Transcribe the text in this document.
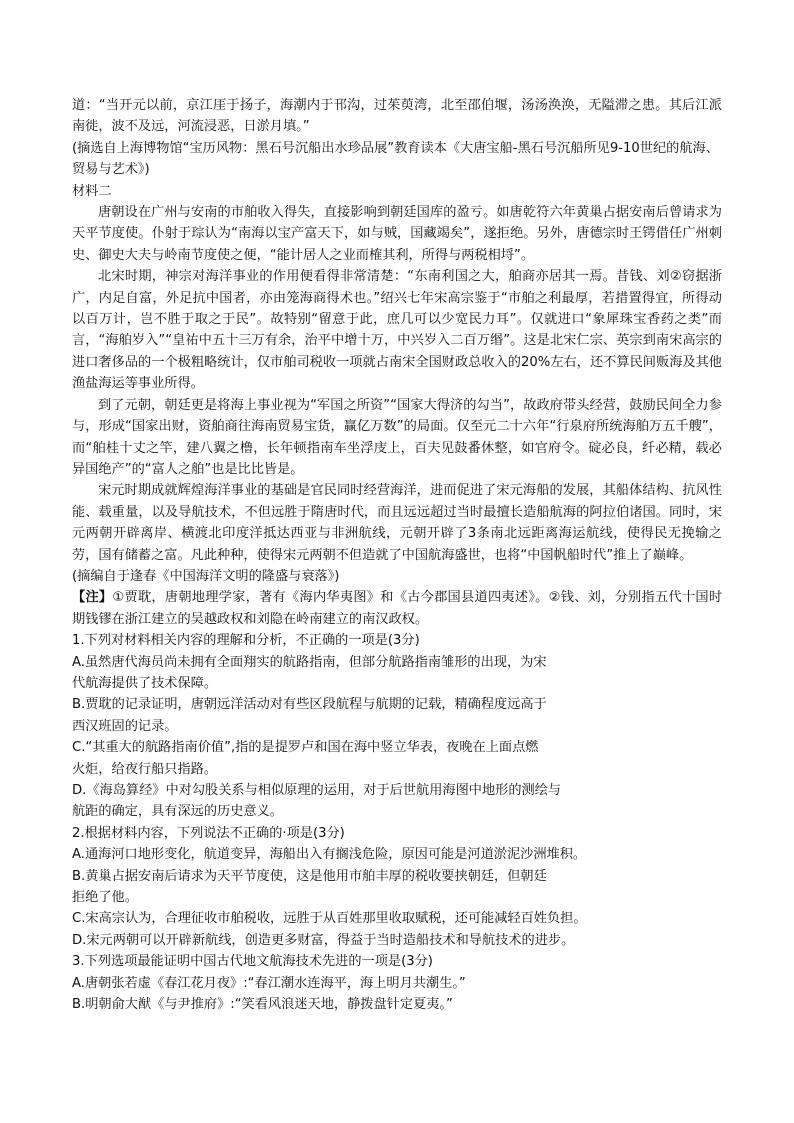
道：“当开元以前，京江厓于扬子，海潮内于邗沟，过茱萸湾，北至邵伯堰，汤汤涣涣，无隘滞之患。其后江派南徙，波不及远，河流浸恶，日淤月填。”

(摘选自上海博物馆“宝历风物：黑石号沉船出水珍品展”教育读本《大唐宝船-黑石号沉船所见9-10世纪的航海、贸易与艺术》)

材料二

唐朝设在广州与安南的市舶收入得失，直接影响到朝廷国库的盈亏。如唐乾符六年黄巢占据安南后曾请求为天平节度使。仆射于琮认为“南海以宝产富天下，如与贼，国藏竭矣”，遂拒绝。另外，唐德宗时王锷借任广州刺史、御史大夫与岭南节度使之便，“能计居人之业而榷其利，所得与两税相埒”。

北宋时期，神宗对海洋事业的作用便看得非常清楚：“东南利国之大，舶商亦居其一焉。昔钱、刘②窃据浙广，内足自富，外足抗中国者，亦由笼海商得术也。”绍兴七年宋高宗鉴于“市舶之利最厚，若措置得宜，所得动以百万计，岂不胜于取之于民”。故特别“留意于此，庶几可以少宽民力耳”。仅就进口“象犀珠宝香药之类”而言，“海舶岁入”“皇祐中五十三万有余，治平中增十万，中兴岁入二百万缗”。这是北宋仁宗、英宗到南宋高宗的进口奢侈品的一个极粗略统计，仅市舶司税收一项就占南宋全国财政总收入的20%左右，还不算民间贩海及其他渔盐海运等事业所得。

到了元朝，朝廷更是将海上事业视为“军国之所资”“国家大得济的勾当”，故政府带头经营，鼓励民间全力参与，形成“国家出财，资舶商往海南贸易宝货，赢亿万数”的局面。仅至元二十六年“行泉府所统海舶万五千艘”，而“舶桂十丈之竿，建八翼之橹，长年顿指南车坐浮庋上，百夫见鼓番休整，如官府令。碇必良，纤必精，载必异国绝产”的“富人之舶”也是比比皆是。

宋元时期成就辉煌海洋事业的基础是官民同时经营海洋，进而促进了宋元海船的发展，其船体结构、抗风性能、载重量，以及导航技术，不但远胜于隋唐时代，而且远远超过当时最擅长造船航海的阿拉伯诸国。同时，宋元两朝开辟离岸、横渡北印度洋抵达西亚与非洲航线，元朝开辟了3条南北远距离海运航线，使得民无挽输之劳，国有储蓄之富。凡此种种，使得宋元两朝不但造就了中国航海盛世，也将“中国帆船时代”推上了巅峰。

(摘编自于逢春《中国海洋文明的隆盛与衰落》)

【注】①贾耽，唐朝地理学家，著有《海内华夷图》和《古今郡国县道四夷述》。②钱、刘，分别指五代十国时期钱镠在浙江建立的吴越政权和刘隐在岭南建立的南汉政权。

1.下列对材料相关内容的理解和分析，不正确的一项是(3分)

A.虽然唐代海员尚未拥有全面翔实的航路指南，但部分航路指南雏形的出现，为宋

代航海提供了技术保障。

B.贾耽的记录证明，唐朝远洋活动对有些区段航程与航期的记载，精确程度远高于

西汉班固的记录。

C.“其重大的航路指南价值”,指的是提罗卢和国在海中竖立华表，夜晚在上面点燃

火炬，给夜行船只指路。

D.《海岛算经》中对勾股关系与相似原理的运用，对于后世航用海图中地形的测绘与

航距的确定，具有深远的历史意义。

2.根据材料内容，下列说法不正确的·项是(3分)

A.通海河口地形变化，航道变异，海船出入有搁浅危险，原因可能是河道淤泥沙洲堆积。

B.黄巢占据安南后请求为天平节度使，这是他用市舶丰厚的税收要挟朝廷，但朝廷

拒绝了他。

C.宋高宗认为，合理征收市舶税收，远胜于从百姓那里收取赋税，还可能减轻百姓负担。

D.宋元两朝可以开辟新航线，创造更多财富，得益于当时造船技术和导航技术的进步。

3.下列选项最能证明中国古代地文航海技术先进的一项是(3分)

A.唐朝张若虚《春江花月夜》:“春江潮水连海平，海上明月共潮生。”

B.明朝俞大猷《与尹推府》:“笑看风浪迷天地，静拨盘针定夏夷。”
